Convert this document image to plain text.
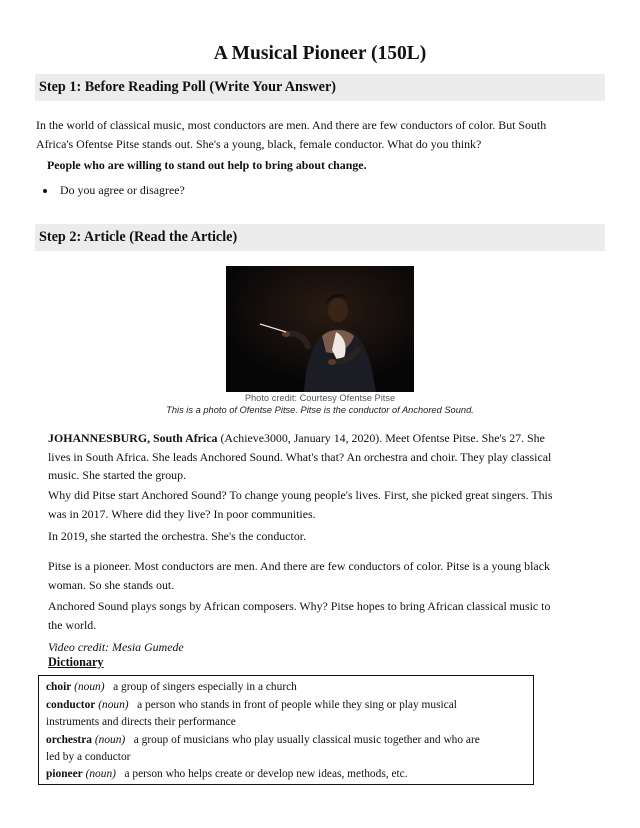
A Musical Pioneer (150L)
Step 1: Before Reading Poll (Write Your Answer)

In the world of classical music, most conductors are men. And there are few conductors of color. But South
Africa's Ofentse Pitse stands out. She's a young, black, female conductor. What do you think?

People who are willing to stand out help to bring about change.

Do you agree or disagree?

Step 2: Article (Read the Article)
Photo credit: Courtesy Ofentse Pitse
This is a photo of Ofentse Pitse. Pitse is the conductor of Anchored Sound.

JOHANNESBURG, South Africa (Achieve3000, January 14, 2020). Meet Ofentse Pitse. She's 27. She
lives in South Africa. She leads Anchored Sound. What's that? An orchestra and choir. They play classical
music. She started the group.

Why did Pitse start Anchored Sound? To change young people's lives. First, she picked great singers. This
was in 2017. Where did they live? In poor communities.

In 2019, she started the orchestra. She's the conductor.

Pitse is a pioneer. Most conductors are men. And there are few conductors of color. Pitse is a young black
woman. So she stands out.

Anchored Sound plays songs by African composers. Why? Pitse hopes to bring African classical music to
the world.

Video credit: Mesia Gumede

Dictionary
choir (noun) a group of singers especially in a church
conductor (noun) a person who stands in front of people while they sing or play musical
instruments and directs their performance
orchestra (noun) a group of musicians who play usually classical music together and who are
led by a conductor
pioneer (noun) a person who helps create or develop new ideas, methods, etc.
